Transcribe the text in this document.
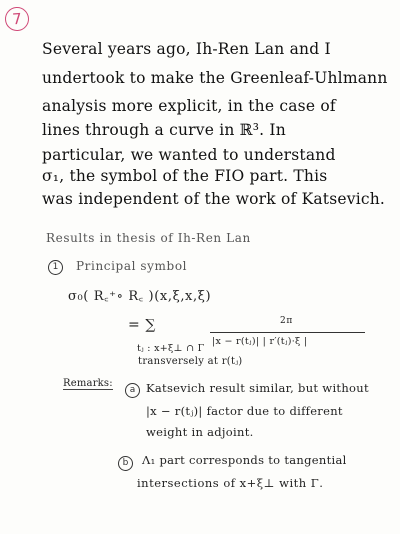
7
Several years ago, Ih-Ren Lan and I
undertook to make the Greenleaf-Uhlmann
analysis more explicit, in the case of
lines through a curve in ℝ³. In
particular, we wanted to understand
σ₁, the symbol of the FIO part. This
was independent of the work of Katsevich.
Results in thesis of Ih-Ren Lan
1	Principal symbol
σ₀( R꜀⁺∘ R꜀ )(x,ξ,x,ξ)
= ∑	2π
|x − r(tⱼ)| | r′(tⱼ)·ξ |
tⱼ : x+ξ⊥ ∩ Γ
transversely at r(tⱼ)
Remarks:
a Katsevich result similar, but without
|x − r(tⱼ)| factor due to different
weight in adjoint.
b	Λ₁ part corresponds to tangential
intersections of x+ξ⊥ with Γ.
